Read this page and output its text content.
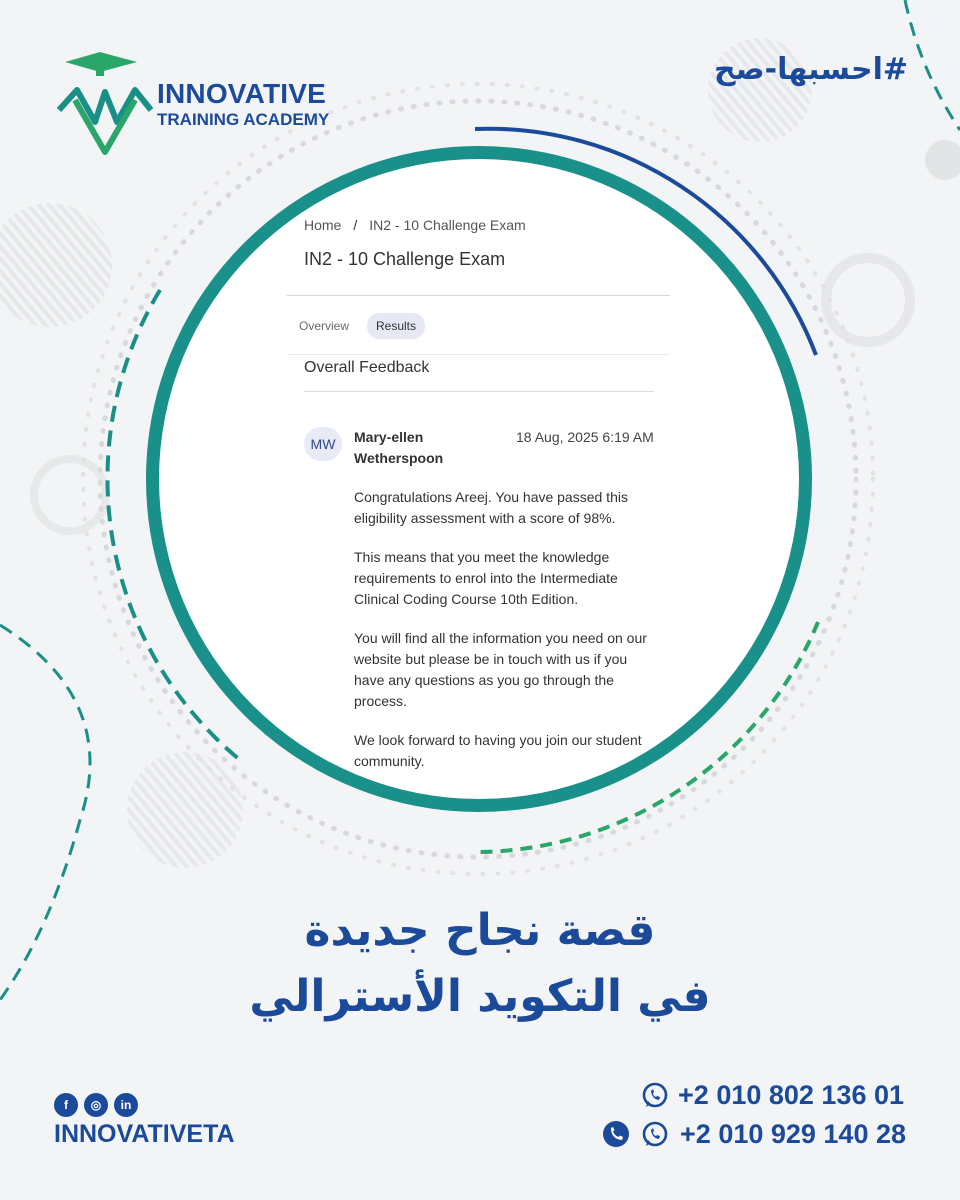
INNOVATIVE
TRAINING ACADEMY
#احسبها-صح
Home / IN2 - 10 Challenge Exam
IN2 - 10 Challenge Exam
Overview	Results
Overall Feedback
MW	Mary-ellen Wetherspoon
18 Aug, 2025 6:19 AM

Congratulations Areej. You have passed this eligibility assessment with a score of 98%.

This means that you meet the knowledge requirements to enrol into the Intermediate Clinical Coding Course 10th Edition.

You will find all the information you need on our website but please be in touch with us if you have any questions as you go through the process.

We look forward to having you join our student community.

قصة نجاح جديدة
في التكويد الأسترالي
f	◎	in
INNOVATIVETA
+2 010 802 136 01
+2 010 929 140 28
